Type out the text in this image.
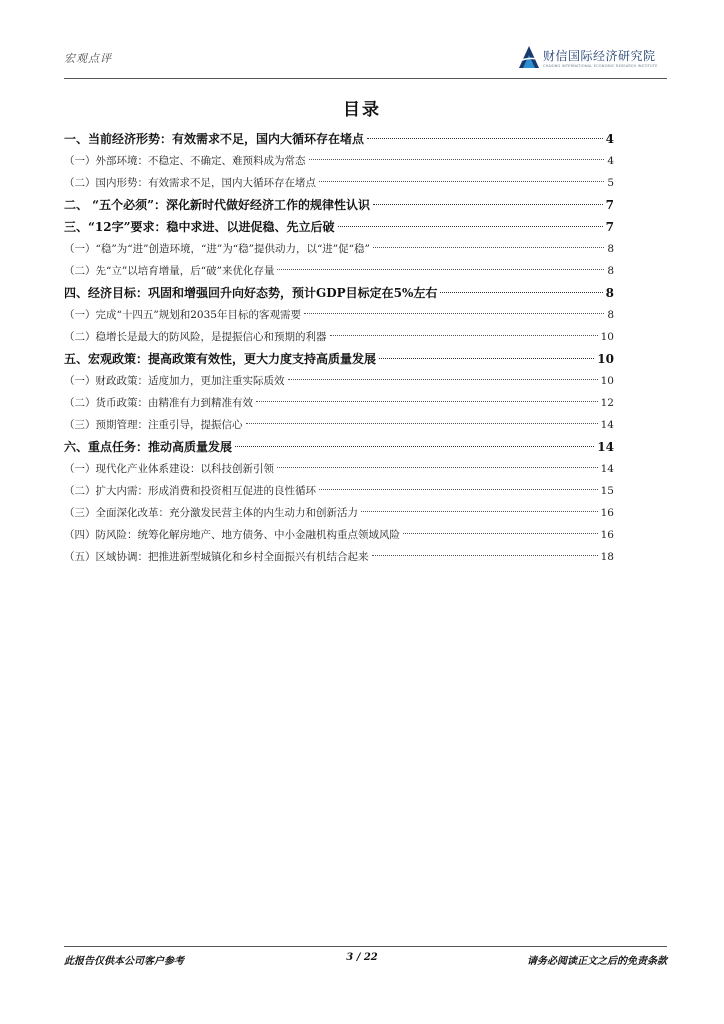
宏观点评	财信国际经济研究院
CHASING INTERNATIONAL ECONOMIC RESEARCH INSTITUTE
目录
一、当前经济形势：有效需求不足，国内大循环存在堵点	4
（一）外部环境：不稳定、不确定、难预料成为常态	4
（二）国内形势：有效需求不足，国内大循环存在堵点	5
二、 “五个必须”：深化新时代做好经济工作的规律性认识	7
三、“12字”要求：稳中求进、以进促稳、先立后破	7
（一）“稳”为“进”创造环境，“进”为“稳”提供动力，以“进”促“稳”	8
（二）先“立”以培育增量，后“破”来优化存量	8
四、经济目标：巩固和增强回升向好态势，预计GDP目标定在5%左右	8
（一）完成“十四五”规划和2035年目标的客观需要	8
（二）稳增长是最大的防风险，是提振信心和预期的利器	10
五、宏观政策：提高政策有效性，更大力度支持高质量发展	10
（一）财政政策：适度加力，更加注重实际质效	10
（二）货币政策：由精准有力到精准有效	12
（三）预期管理：注重引导，提振信心	14
六、重点任务：推动高质量发展	14
（一）现代化产业体系建设：以科技创新引领	14
（二）扩大内需：形成消费和投资相互促进的良性循环	15
（三）全面深化改革：充分激发民营主体的内生动力和创新活力	16
（四）防风险：统筹化解房地产、地方债务、中小金融机构重点领域风险	16
（五）区域协调：把推进新型城镇化和乡村全面振兴有机结合起来	18
此报告仅供本公司客户参考	3 / 22	请务必阅读正文之后的免责条款
